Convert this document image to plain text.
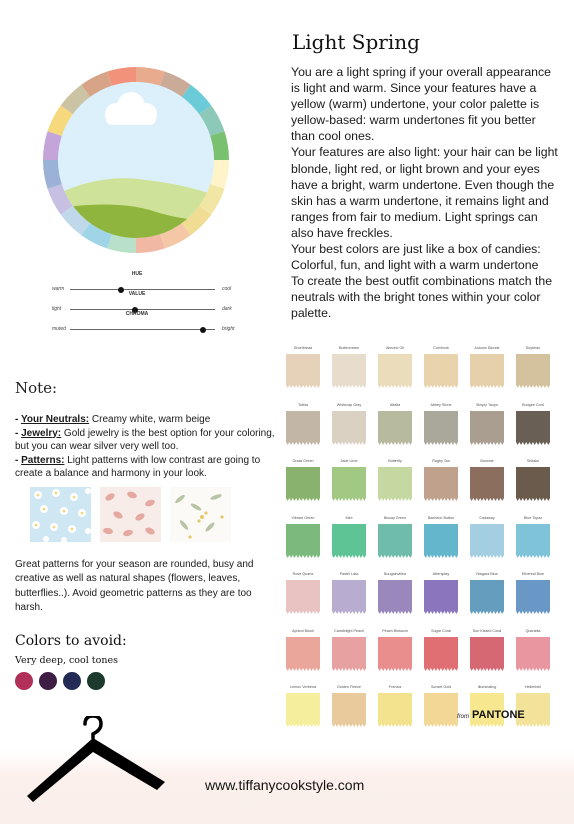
HUE
warm	cool
VALUE
light	dark
CHROMA
muted	bright
Light Spring

You are a light spring if your overall appearance is light and warm. Since your features have a yellow (warm) undertone, your color palette is yellow-based: warm undertones fit you better than cool ones.

Your features are also light: your hair can be light blonde, light red, or light brown and your eyes have a bright, warm undertone. Even though the skin has a warm undertone, it remains light and ranges from fair to medium. Light springs can also have freckles.

Your best colors are just like a box of candies: Colorful, fun, and light with a warm undertone

To create the best outfit combinations match the neutrals with the bright tones within your color palette.

Note:

- Your Neutrals: Creamy white, warm beige

- Jewelry: Gold jewelry is the best option for your coloring, but you can wear silver very well too.

- Patterns: Light patterns with low contrast are going to create a balance and harmony in your look.

Great patterns for your season are rounded, busy and creative as well as natural shapes (flowers, leaves, butterflies..). Avoid geometric patterns as they are too harsh.
Colors to avoid:
Very deep, cool tones
Shortbread	Buttercream	Almond Oil	Cornhusk	Autumn Blonde	Soybean
Tofeta	Whitecap Gray	Alfalfa	Abbey Stone	Simply Taupe	Bungee Cord
Grass Green	Jade Lime	Butterfly	Rugby Tan	Brownie	Shitake
Vibrant Green	Mint	Biscay Green	Bachelor Button	Cadaway	Blue Topaz
Rose Quartz	Pastel Lilac	Bougainvillea	Aftersplay	Niagara Blue	Ethereal Blue
Apricot Blush	Candlelight Peach	Peach Blossom	Sugar Coral	Sun Kissed Coral	Quartzita
Lemon Verbena	Golden Fleece	Frenzia	Sunset Gold	Illuminating	Hellenbell
from PANTONE
www.tiffanycookstyle.com
